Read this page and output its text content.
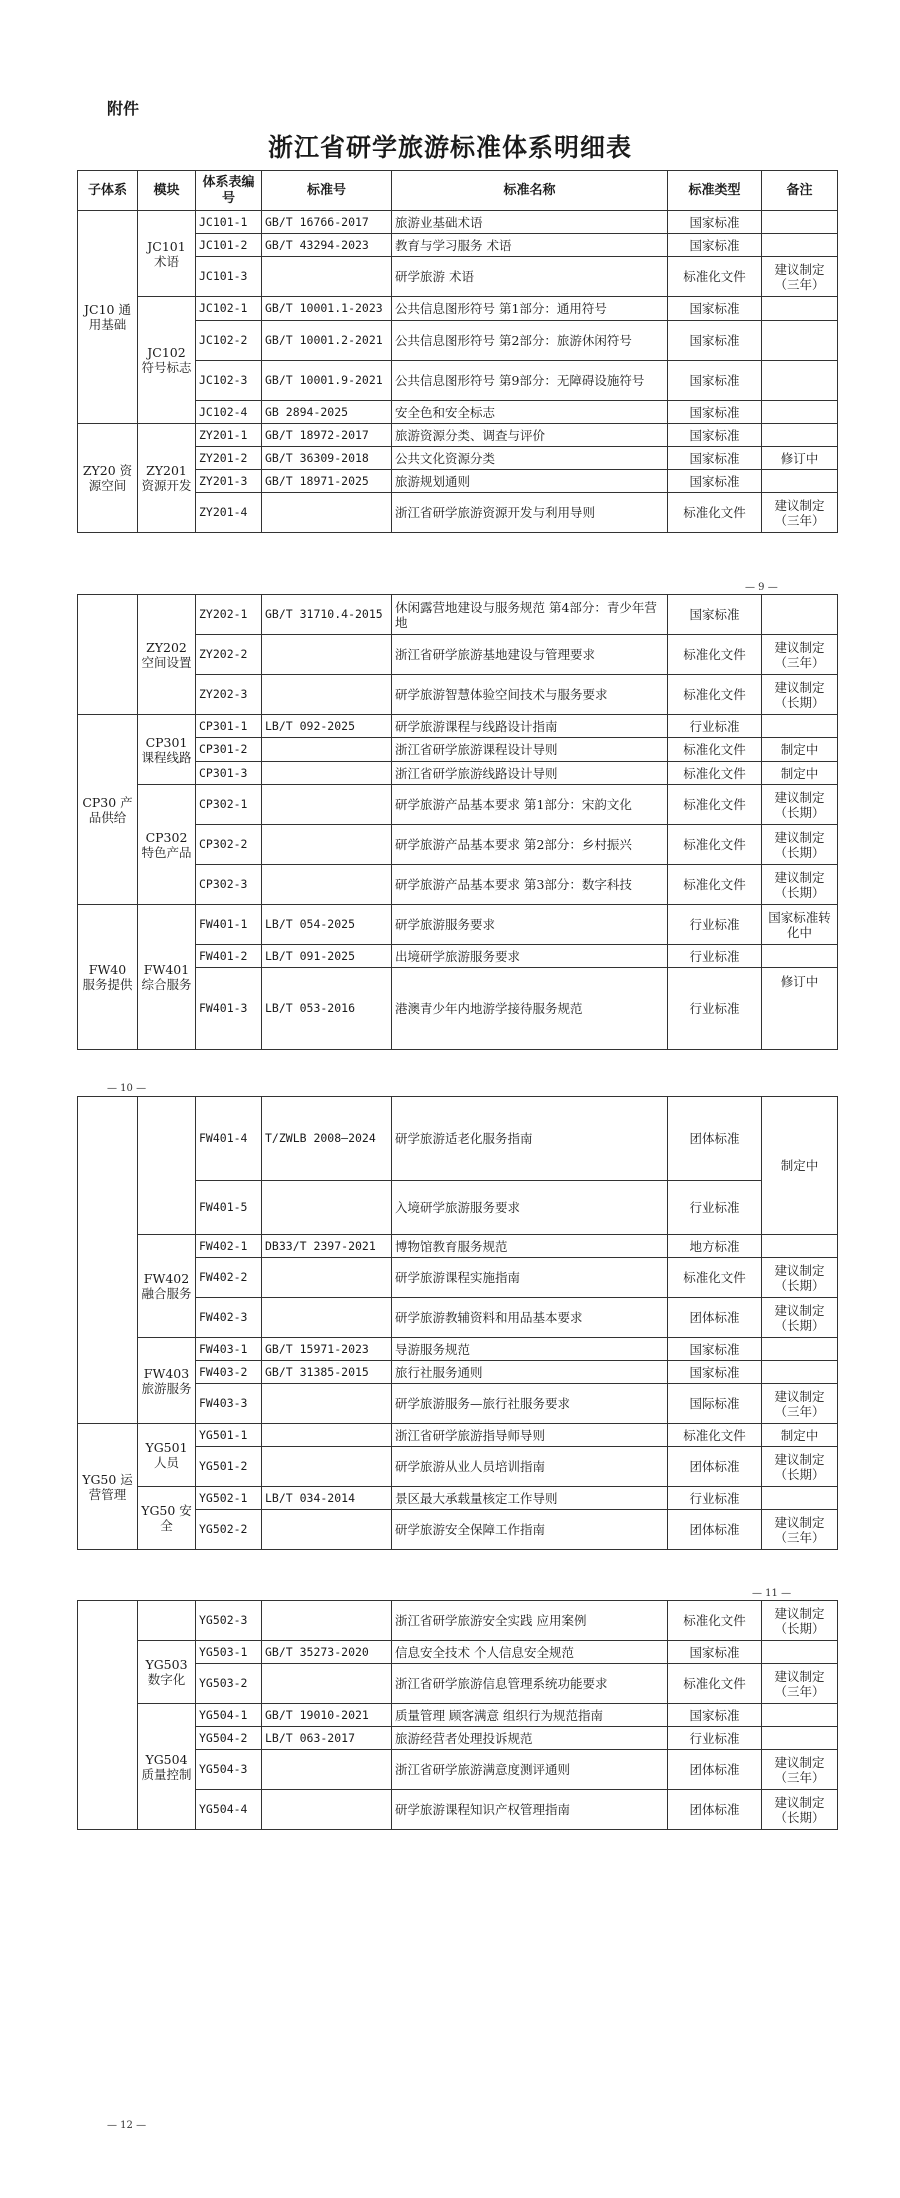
附件
浙江省研学旅游标准体系明细表
子体系	模块	体系表编号	标准号	标准名称	标准类型	备注
JC10 通用基础	JC101 术语	JC101-1	GB/T 16766-2017	旅游业基础术语	国家标准	
		JC101-2	GB/T 43294-2023	教育与学习服务 术语	国家标准	
		JC101-3		研学旅游 术语	标准化文件	建议制定（三年）
	JC102 符号标志	JC102-1	GB/T 10001.1-2023	公共信息图形符号 第1部分：通用符号	国家标准	
		JC102-2	GB/T 10001.2-2021	公共信息图形符号 第2部分：旅游休闲符号	国家标准	
		JC102-3	GB/T 10001.9-2021	公共信息图形符号 第9部分：无障碍设施符号	国家标准	
		JC102-4	GB 2894-2025	安全色和安全标志	国家标准	
ZY20 资源空间	ZY201 资源开发	ZY201-1	GB/T 18972-2017	旅游资源分类、调查与评价	国家标准	
		ZY201-2	GB/T 36309-2018	公共文化资源分类	国家标准	修订中
		ZY201-3	GB/T 18971-2025	旅游规划通则	国家标准	
		ZY201-4		浙江省研学旅游资源开发与利用导则	标准化文件	建议制定（三年）
— 9 —
	ZY202 空间设置	ZY202-1	GB/T 31710.4-2015	休闲露营地建设与服务规范 第4部分：青少年营地	国家标准	
		ZY202-2		浙江省研学旅游基地建设与管理要求	标准化文件	建议制定（三年）
		ZY202-3		研学旅游智慧体验空间技术与服务要求	标准化文件	建议制定（长期）
CP30 产品供给	CP301 课程线路	CP301-1	LB/T 092-2025	研学旅游课程与线路设计指南	行业标准	
		CP301-2		浙江省研学旅游课程设计导则	标准化文件	制定中
		CP301-3		浙江省研学旅游线路设计导则	标准化文件	制定中
	CP302 特色产品	CP302-1		研学旅游产品基本要求 第1部分：宋韵文化	标准化文件	建议制定（长期）
		CP302-2		研学旅游产品基本要求 第2部分：乡村振兴	标准化文件	建议制定（长期）
		CP302-3		研学旅游产品基本要求 第3部分：数字科技	标准化文件	建议制定（长期）
FW40 服务提供	FW401 综合服务	FW401-1	LB/T 054-2025	研学旅游服务要求	行业标准	国家标准转化中
		FW401-2	LB/T 091-2025	出境研学旅游服务要求	行业标准	
		FW401-3	LB/T 053-2016	港澳青少年内地游学接待服务规范	行业标准	修订中
— 10 —
		FW401-4	T/ZWLB 2008—2024	研学旅游适老化服务指南	团体标准	制定中
		FW401-5		入境研学旅游服务要求	行业标准	
	FW402 融合服务	FW402-1	DB33/T 2397-2021	博物馆教育服务规范	地方标准	
		FW402-2		研学旅游课程实施指南	标准化文件	建议制定（长期）
		FW402-3		研学旅游教辅资料和用品基本要求	团体标准	建议制定（长期）
	FW403 旅游服务	FW403-1	GB/T 15971-2023	导游服务规范	国家标准	
		FW403-2	GB/T 31385-2015	旅行社服务通则	国家标准	
		FW403-3		研学旅游服务—旅行社服务要求	国际标准	建议制定（三年）
YG50 运营管理	YG501 人员	YG501-1		浙江省研学旅游指导师导则	标准化文件	制定中
		YG501-2		研学旅游从业人员培训指南	团体标准	建议制定（长期）
	YG50 安全	YG502-1	LB/T 034-2014	景区最大承载量核定工作导则	行业标准	
		YG502-2		研学旅游安全保障工作指南	团体标准	建议制定（三年）
— 11 —
		YG502-3		浙江省研学旅游安全实践 应用案例	标准化文件	建议制定（长期）
	YG503 数字化	YG503-1	GB/T 35273-2020	信息安全技术 个人信息安全规范	国家标准	
		YG503-2		浙江省研学旅游信息管理系统功能要求	标准化文件	建议制定（三年）
	YG504 质量控制	YG504-1	GB/T 19010-2021	质量管理 顾客满意 组织行为规范指南	国家标准	
		YG504-2	LB/T 063-2017	旅游经营者处理投诉规范	行业标准	
		YG504-3		浙江省研学旅游满意度测评通则	团体标准	建议制定（三年）
		YG504-4		研学旅游课程知识产权管理指南	团体标准	建议制定（长期）
— 12 —
